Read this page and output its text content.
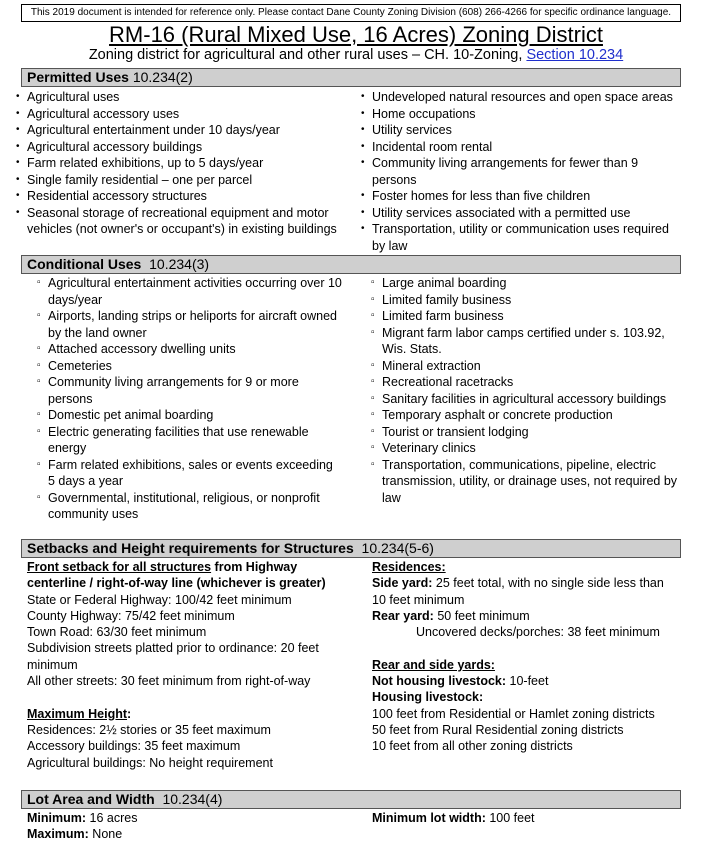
This 2019 document is intended for reference only. Please contact Dane County Zoning Division (608) 266-4266 for specific ordinance language.
RM-16 (Rural Mixed Use, 16 Acres) Zoning District
Zoning district for agricultural and other rural uses – CH. 10-Zoning, Section 10.234
Permitted Uses 10.234(2)
• Agricultural uses
• Agricultural accessory uses
• Agricultural entertainment under 10 days/year
• Agricultural accessory buildings
• Farm related exhibitions, up to 5 days/year
• Single family residential – one per parcel
• Residential accessory structures
• Seasonal storage of recreational equipment and motor vehicles (not owner's or occupant's) in existing buildings
• Undeveloped natural resources and open space areas
• Home occupations
• Utility services
• Incidental room rental
• Community living arrangements for fewer than 9 persons
• Foster homes for less than five children
• Utility services associated with a permitted use
• Transportation, utility or communication uses required by law
Conditional Uses 10.234(3)
▫ Agricultural entertainment activities occurring over 10 days/year
▫ Airports, landing strips or heliports for aircraft owned by the land owner
▫ Attached accessory dwelling units
▫ Cemeteries
▫ Community living arrangements for 9 or more persons
▫ Domestic pet animal boarding
▫ Electric generating facilities that use renewable energy
▫ Farm related exhibitions, sales or events exceeding 5 days a year
▫ Governmental, institutional, religious, or nonprofit community uses
▫ Large animal boarding
▫ Limited family business
▫ Limited farm business
▫ Migrant farm labor camps certified under s. 103.92, Wis. Stats.
▫ Mineral extraction
▫ Recreational racetracks
▫ Sanitary facilities in agricultural accessory buildings
▫ Temporary asphalt or concrete production
▫ Tourist or transient lodging
▫ Veterinary clinics
▫ Transportation, communications, pipeline, electric transmission, utility, or drainage uses, not required by law
Setbacks and Height requirements for Structures 10.234(5-6)
Front setback for all structures from Highway centerline / right-of-way line (whichever is greater)
State or Federal Highway: 100/42 feet minimum
County Highway: 75/42 feet minimum
Town Road: 63/30 feet minimum
Subdivision streets platted prior to ordinance: 20 feet minimum
All other streets: 30 feet minimum from right-of-way
Maximum Height:
Residences: 2½ stories or 35 feet maximum
Accessory buildings: 35 feet maximum
Agricultural buildings: No height requirement
Residences:
Side yard: 25 feet total, with no single side less than 10 feet minimum
Rear yard: 50 feet minimum
Uncovered decks/porches: 38 feet minimum
Rear and side yards:
Not housing livestock: 10-feet
Housing livestock:
100 feet from Residential or Hamlet zoning districts
50 feet from Rural Residential zoning districts
10 feet from all other zoning districts
Lot Area and Width 10.234(4)
Minimum: 16 acres
Maximum: None
Minimum lot width: 100 feet
